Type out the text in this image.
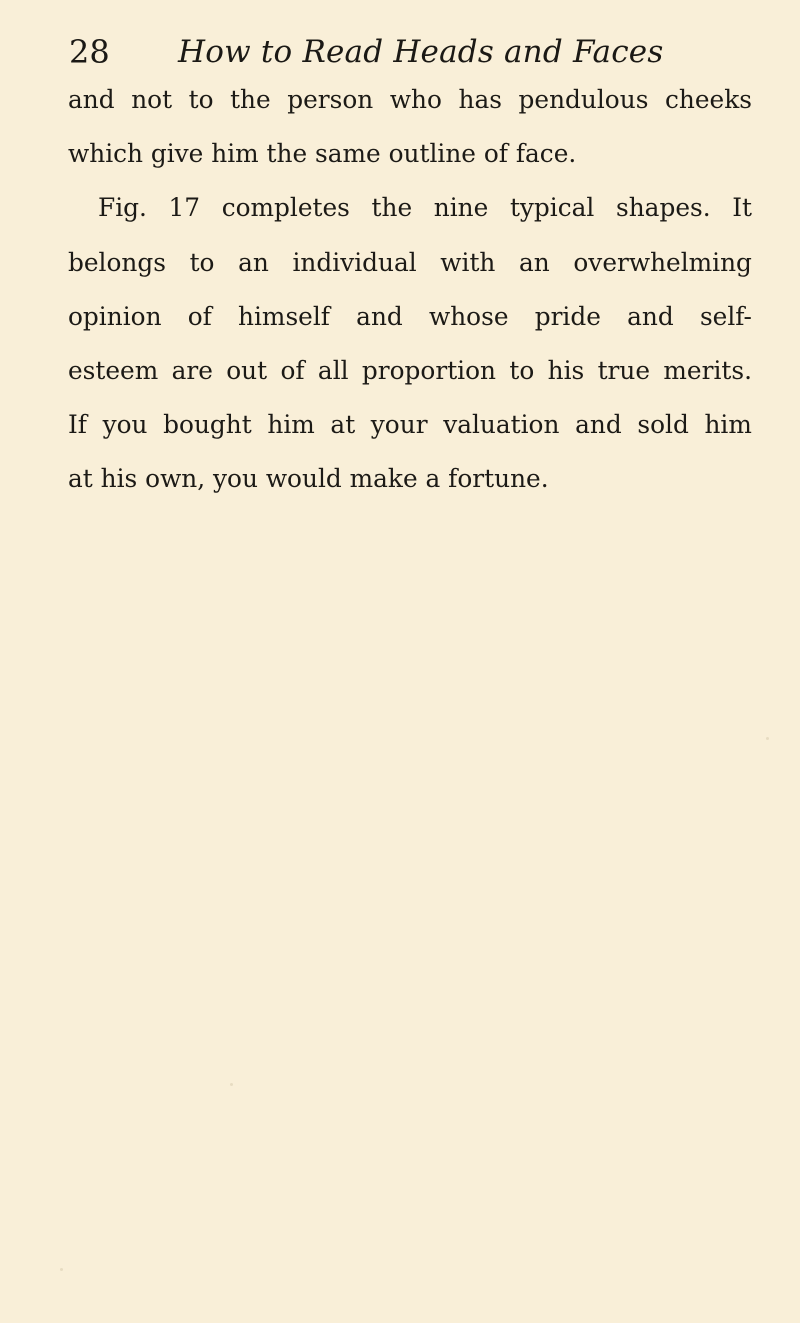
28 How to Read Heads and Faces
and not to the person who has pendulous cheeks
which give him the same outline of face.
Fig. 17 completes the nine typical shapes. It
belongs to an individual with an overwhelming
opinion of himself and whose pride and self-
esteem are out of all proportion to his true merits.
If you bought him at your valuation and sold him
at his own, you would make a fortune.
